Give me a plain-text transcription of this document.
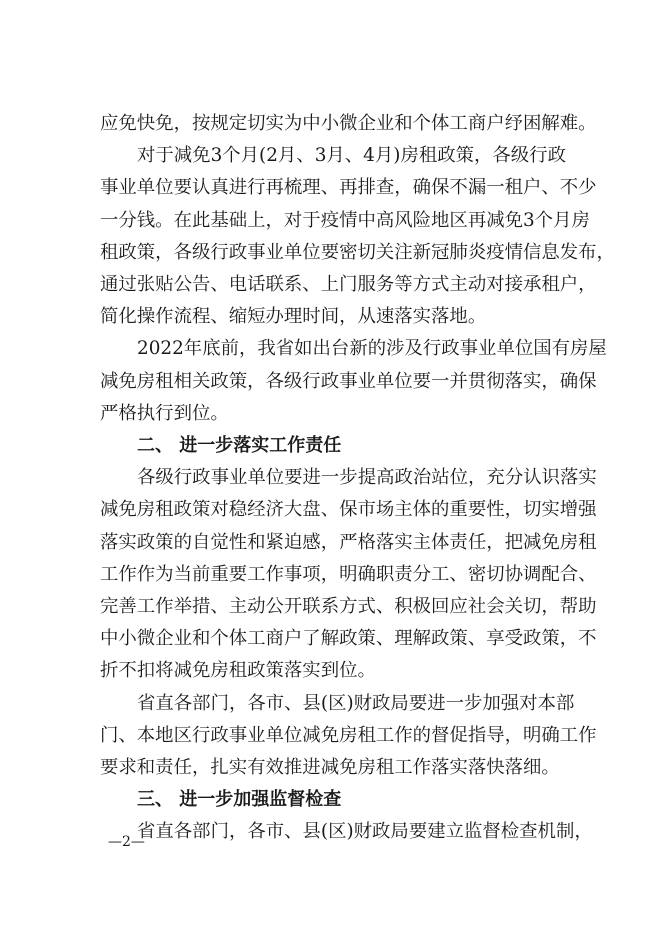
应免快免，按规定切实为中小微企业和个体工商户纾困解难。
对于减免3个月(2月、3月、4月)房租政策，各级行政
事业单位要认真进行再梳理、再排查，确保不漏一租户、不少
一分钱。在此基础上，对于疫情中高风险地区再减免3个月房
租政策，各级行政事业单位要密切关注新冠肺炎疫情信息发布，
通过张贴公告、电话联系、上门服务等方式主动对接承租户，
简化操作流程、缩短办理时间，从速落实落地。
2022年底前，我省如出台新的涉及行政事业单位国有房屋
减免房租相关政策，各级行政事业单位要一并贯彻落实，确保
严格执行到位。
二、 进一步落实工作责任
各级行政事业单位要进一步提高政治站位，充分认识落实
减免房租政策对稳经济大盘、保市场主体的重要性，切实增强
落实政策的自觉性和紧迫感，严格落实主体责任，把减免房租
工作作为当前重要工作事项，明确职责分工、密切协调配合、
完善工作举措、主动公开联系方式、积极回应社会关切，帮助
中小微企业和个体工商户了解政策、理解政策、享受政策，不
折不扣将减免房租政策落实到位。
省直各部门，各市、县(区)财政局要进一步加强对本部
门、本地区行政事业单位减免房租工作的督促指导，明确工作
要求和责任，扎实有效推进减免房租工作落实落快落细。
三、 进一步加强监督检查
省直各部门，各市、县(区)财政局要建立监督检查机制，
—2—
